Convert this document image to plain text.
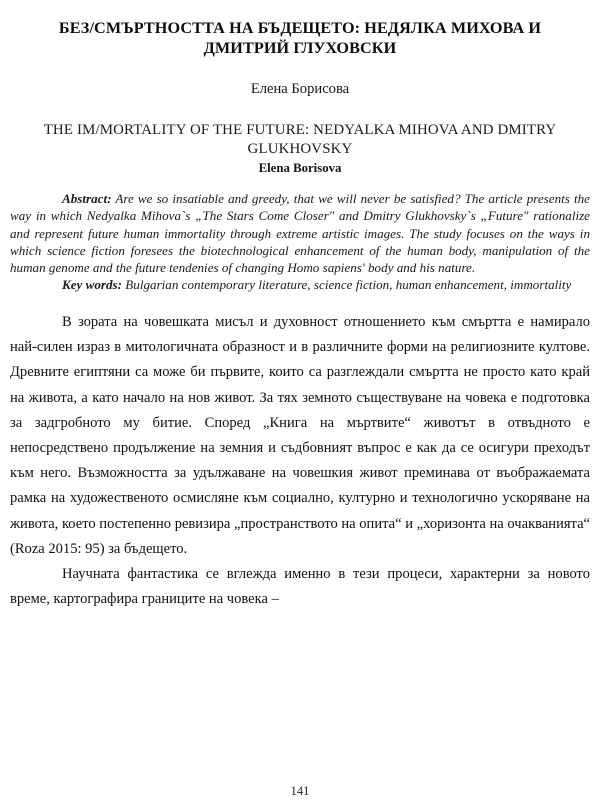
БЕЗ/СМЪРТНОСТТА НА БЪДЕЩЕТО: НЕДЯЛКА МИХОВА И ДМИТРИЙ ГЛУХОВСКИ
Елена Борисова
THE IM/MORTALITY OF THE FUTURE: NEDYALKA MIHOVA AND DMITRY GLUKHOVSKY
Elena Borisova

Abstract: Are we so insatiable and greedy, that we will never be satisfied? The article presents the way in which Nedyalka Mihova`s „The Stars Come Closer" and Dmitry Glukhovsky`s „Future" rationalize and represent future human immortality through extreme artistic images. The study focuses on the ways in which science fiction foresees the biotechnological enhancement of the human body, manipulation of the human genome and the future tendenies of changing Homo sapiens' body and his nature.

Key words: Bulgarian contemporary literature, science fiction, human enhancement, immortality

В зората на човешката мисъл и духовност отношението към смъртта е намирало най-силен израз в митологичната образност и в различните форми на религиозните култове. Древните египтяни са може би първите, които са разглеждали смъртта не просто като край на живота, а като начало на нов живот. За тях земното съществуване на човека е подготовка за задгробното му битие. Според „Книга на мъртвите“ животът в отвъдното е непосредствено продължение на земния и съдбовният въпрос е как да се осигури преходът към него. Възможността за удължаване на човешкия живот преминава от въображаемата рамка на художественото осмисляне към социално, културно и технологично ускоряване на живота, което постепенно ревизира „пространството на опита“ и „хоризонта на очакванията“ (Roza 2015: 95) за бъдещето.

Научната фантастика се вглежда именно в тези процеси, характерни за новото време, картографира границите на човека –

141
